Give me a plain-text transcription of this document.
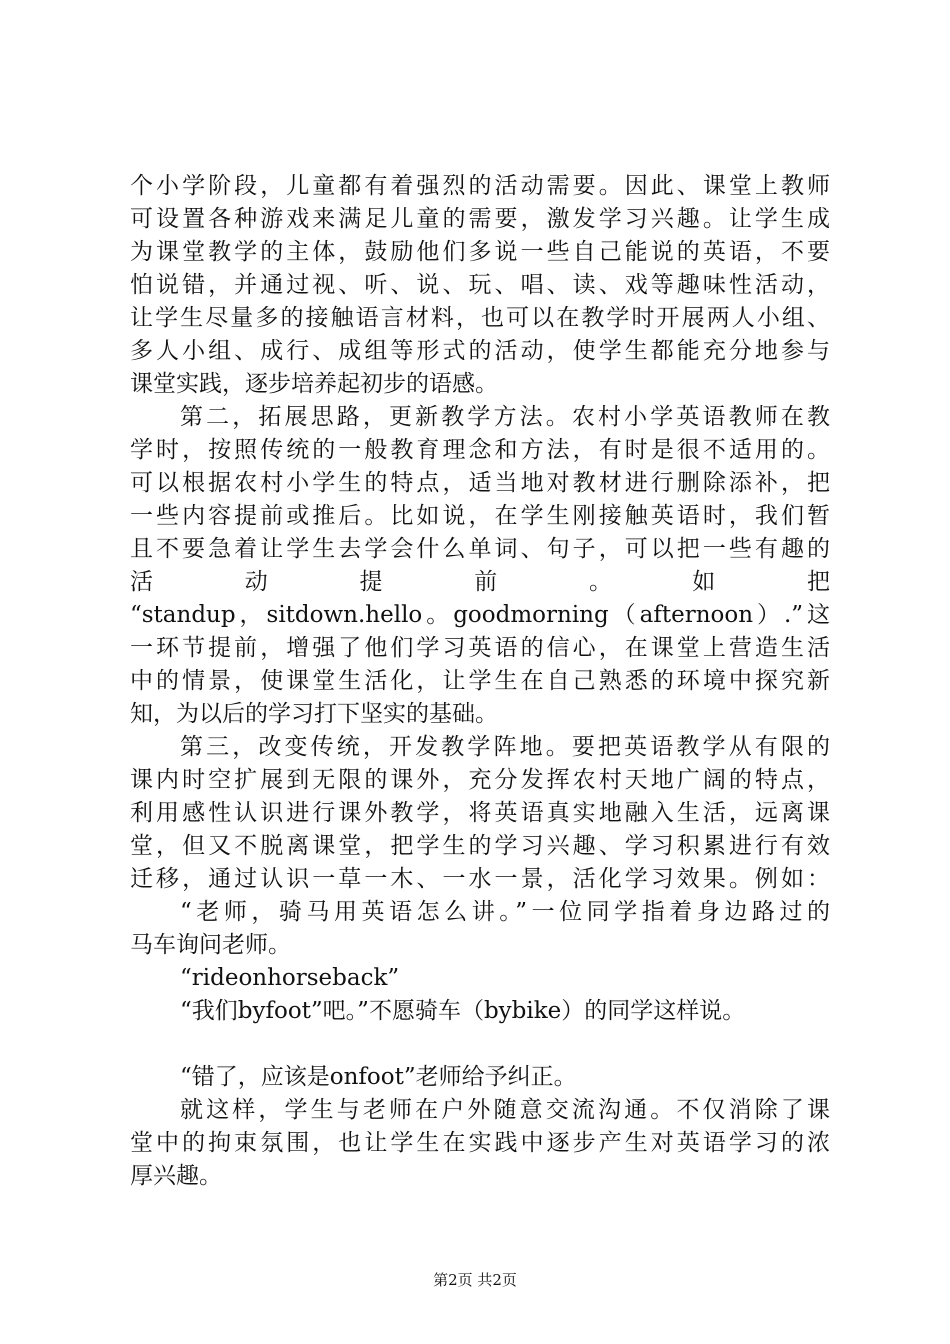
个小学阶段，儿童都有着强烈的活动需要。因此、课堂上教师
可设置各种游戏来满足儿童的需要，激发学习兴趣。让学生成
为课堂教学的主体，鼓励他们多说一些自己能说的英语，不要
怕说错，并通过视、听、说、玩、唱、读、戏等趣味性活动，
让学生尽量多的接触语言材料，也可以在教学时开展两人小组、
多人小组、成行、成组等形式的活动，使学生都能充分地参与
课堂实践，逐步培养起初步的语感。
第二，拓展思路，更新教学方法。农村小学英语教师在教
学时，按照传统的一般教育理念和方法，有时是很不适用的。
可以根据农村小学生的特点，适当地对教材进行删除添补，把
一些内容提前或推后。比如说，在学生刚接触英语时，我们暂
且不要急着让学生去学会什么单词、句子，可以把一些有趣的
活　　动　　提　　前　　。　　如　　把
“standup，sitdown.hello。goodmorning（afternoon）.”这
一环节提前，增强了他们学习英语的信心，在课堂上营造生活
中的情景，使课堂生活化，让学生在自己熟悉的环境中探究新
知，为以后的学习打下坚实的基础。
第三，改变传统，开发教学阵地。要把英语教学从有限的
课内时空扩展到无限的课外，充分发挥农村天地广阔的特点，
利用感性认识进行课外教学，将英语真实地融入生活，远离课
堂，但又不脱离课堂，把学生的学习兴趣、学习积累进行有效
迁移，通过认识一草一木、一水一景，活化学习效果。例如：
“老师，骑马用英语怎么讲。”一位同学指着身边路过的
马车询问老师。
“rideonhorseback”
“我们byfoot”吧。”不愿骑车（bybike）的同学这样说。
“错了，应该是onfoot”老师给予纠正。
就这样，学生与老师在户外随意交流沟通。不仅消除了课
堂中的拘束氛围，也让学生在实践中逐步产生对英语学习的浓
厚兴趣。
第2页 共2页
